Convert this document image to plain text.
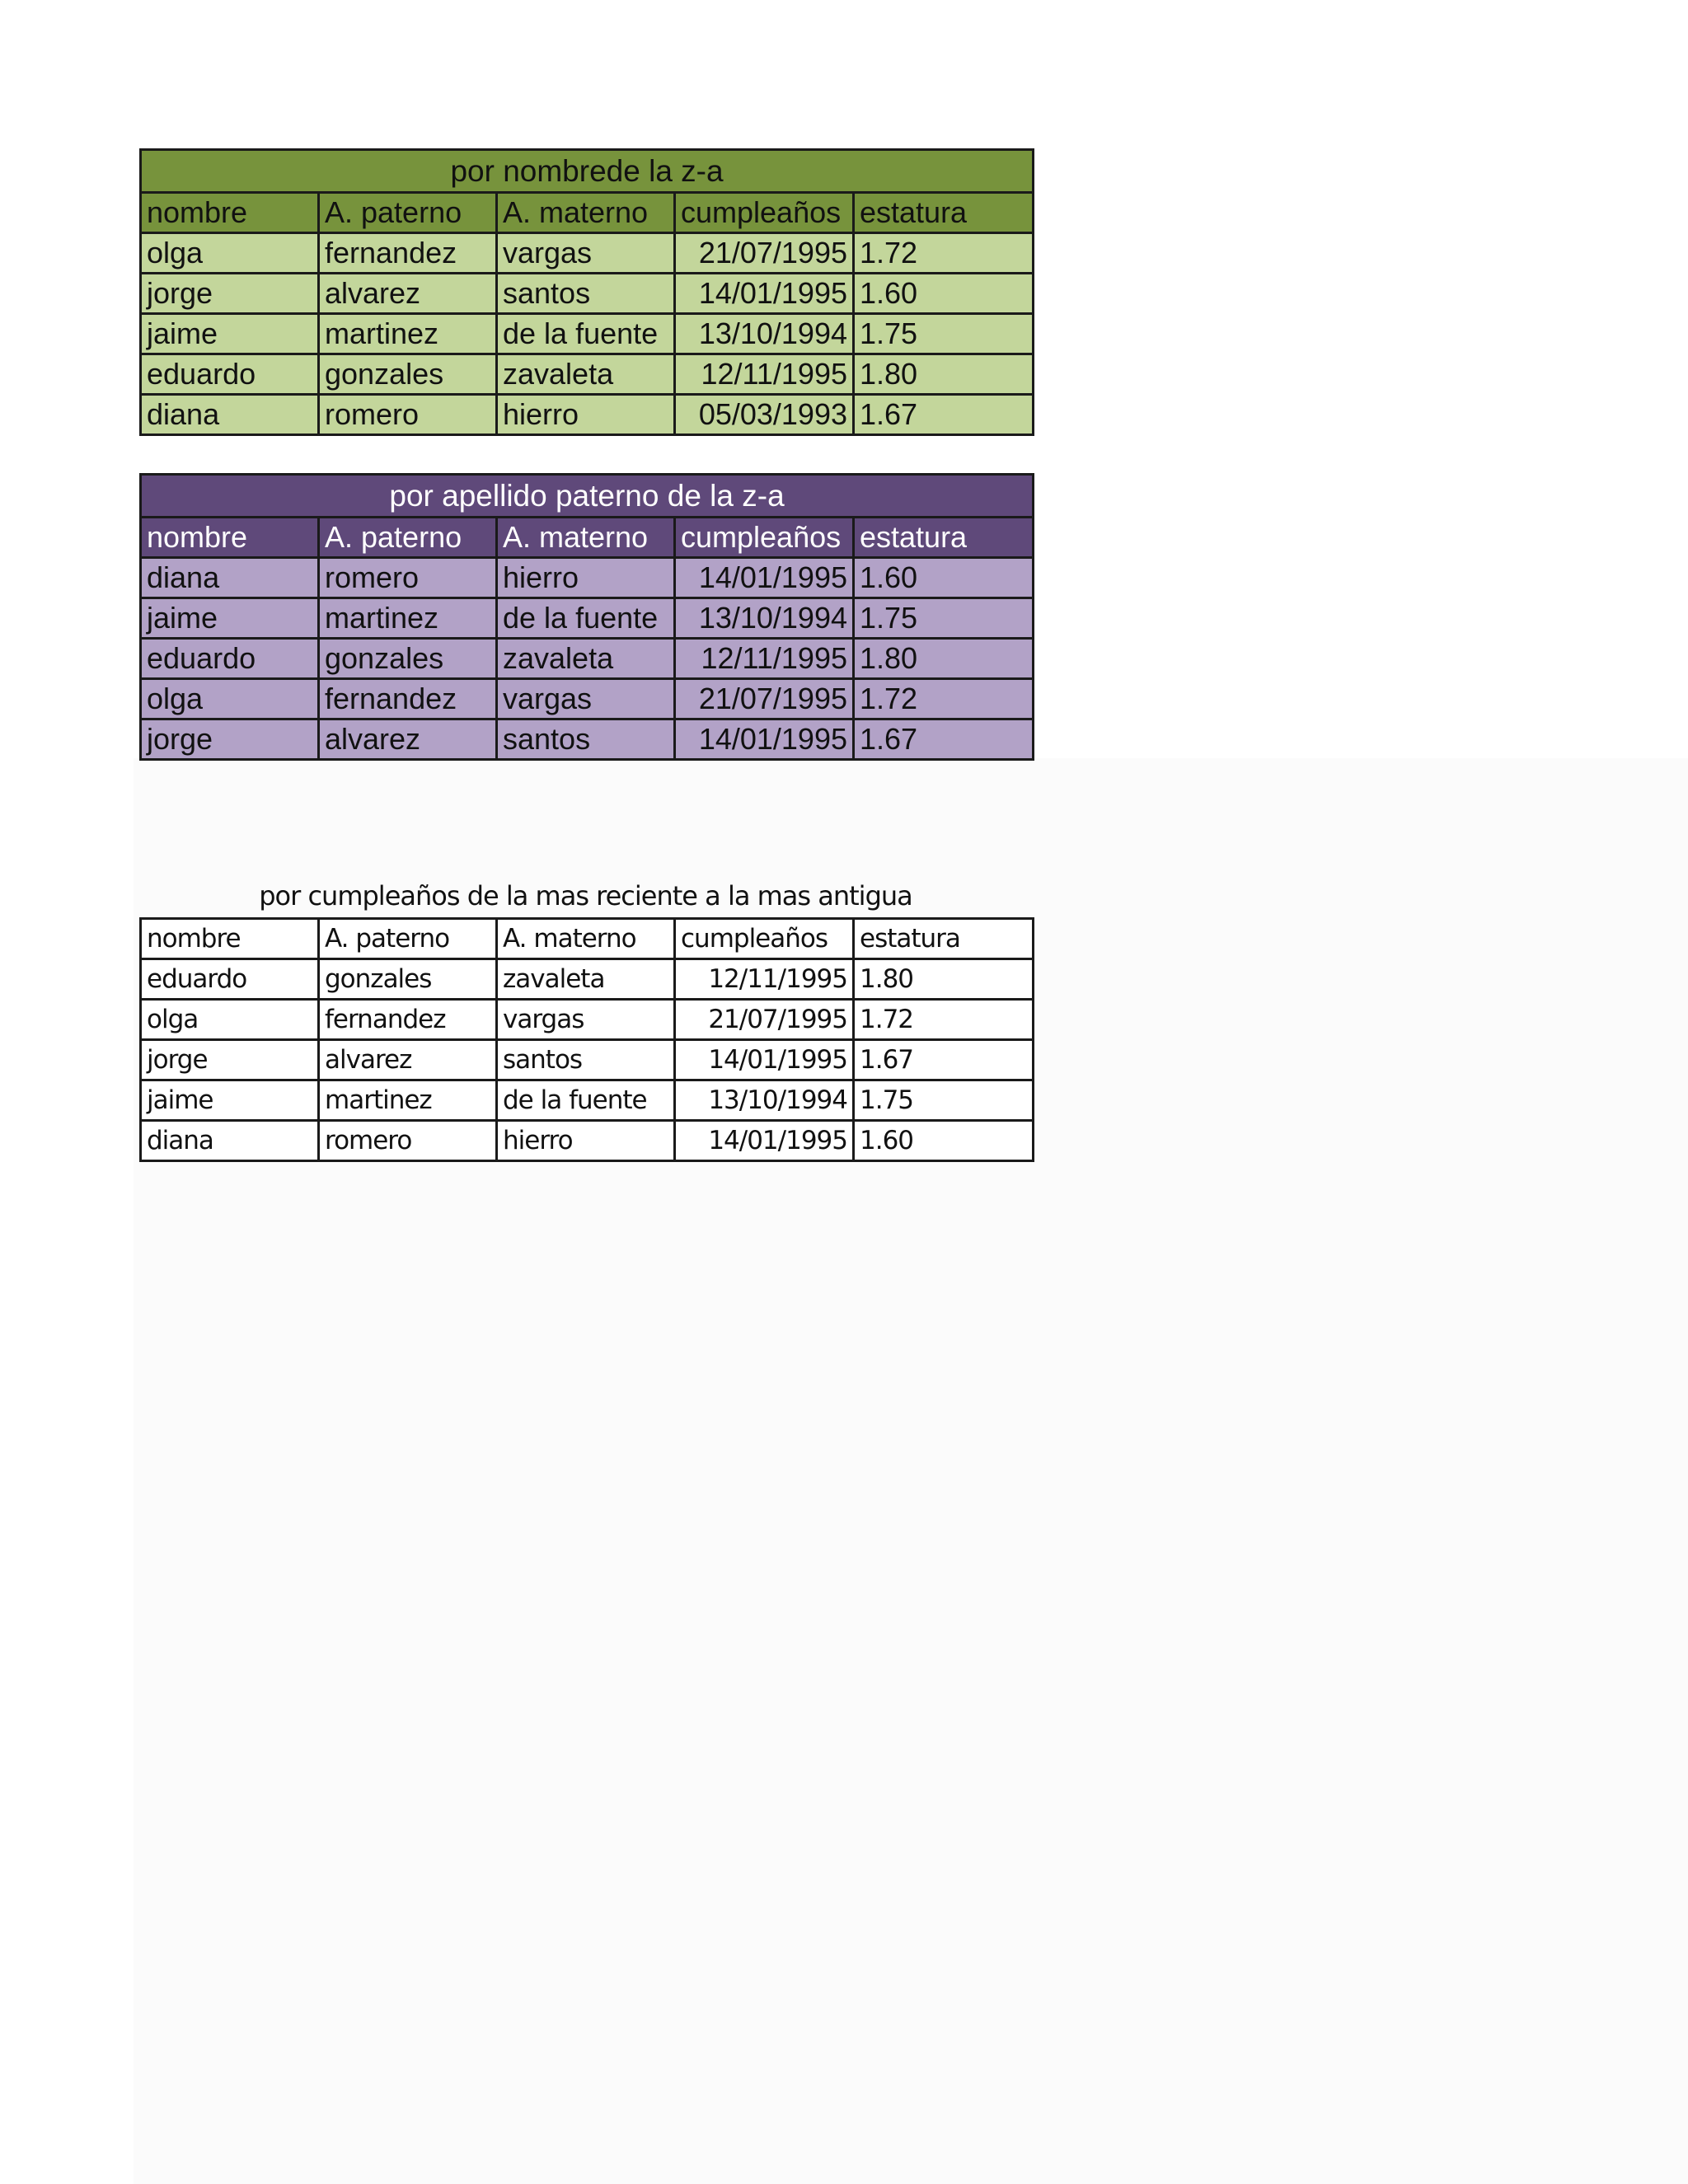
por nombrede la z-a				
nombre	A. paterno	A. materno	cumpleaños	estatura
olga	fernandez	vargas	21/07/1995	1.72
jorge	alvarez	santos	14/01/1995	1.60
jaime	martinez	de la fuente	13/10/1994	1.75
eduardo	gonzales	zavaleta	12/11/1995	1.80
diana	romero	hierro	05/03/1993	1.67
por apellido paterno de la z-a				
nombre	A. paterno	A. materno	cumpleaños	estatura
diana	romero	hierro	14/01/1995	1.60
jaime	martinez	de la fuente	13/10/1994	1.75
eduardo	gonzales	zavaleta	12/11/1995	1.80
olga	fernandez	vargas	21/07/1995	1.72
jorge	alvarez	santos	14/01/1995	1.67
por cumpleaños de la mas reciente a la mas antigua
nombre	A. paterno	A. materno	cumpleaños	estatura
eduardo	gonzales	zavaleta	12/11/1995	1.80
olga	fernandez	vargas	21/07/1995	1.72
jorge	alvarez	santos	14/01/1995	1.67
jaime	martinez	de la fuente	13/10/1994	1.75
diana	romero	hierro	14/01/1995	1.60
